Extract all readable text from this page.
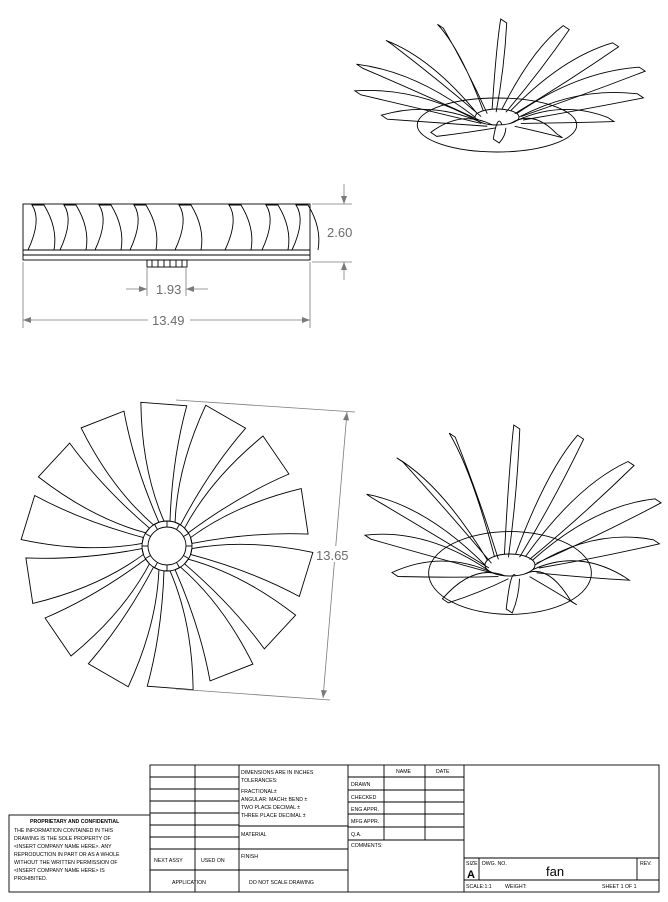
2.60
1.93
13.49
13.65
PROPRIETARY AND CONFIDENTIAL
THE INFORMATION CONTAINED IN THIS
DRAWING IS THE SOLE PROPERTY OF
<INSERT COMPANY NAME HERE>. ANY
REPRODUCTION IN PART OR AS A WHOLE
WITHOUT THE WRITTEN PERMISSION OF
<INSERT COMPANY NAME HERE> IS
PROHIBITED.
NEXT ASSY	USED ON
APPLICATION
DIMENSIONS ARE IN INCHES
TOLERANCES:
FRACTIONAL±
ANGULAR: MACH± BEND ±
TWO PLACE DECIMAL ±
THREE PLACE DECIMAL ±
MATERIAL
FINISH
DO NOT SCALE DRAWING
NAME	DATE
DRAWN
CHECKED
ENG APPR.
MFG APPR.
Q.A.
COMMENTS:
SIZE
A
DWG. NO.	fan	REV.
SCALE:1:1	WEIGHT:	SHEET 1 OF 1
